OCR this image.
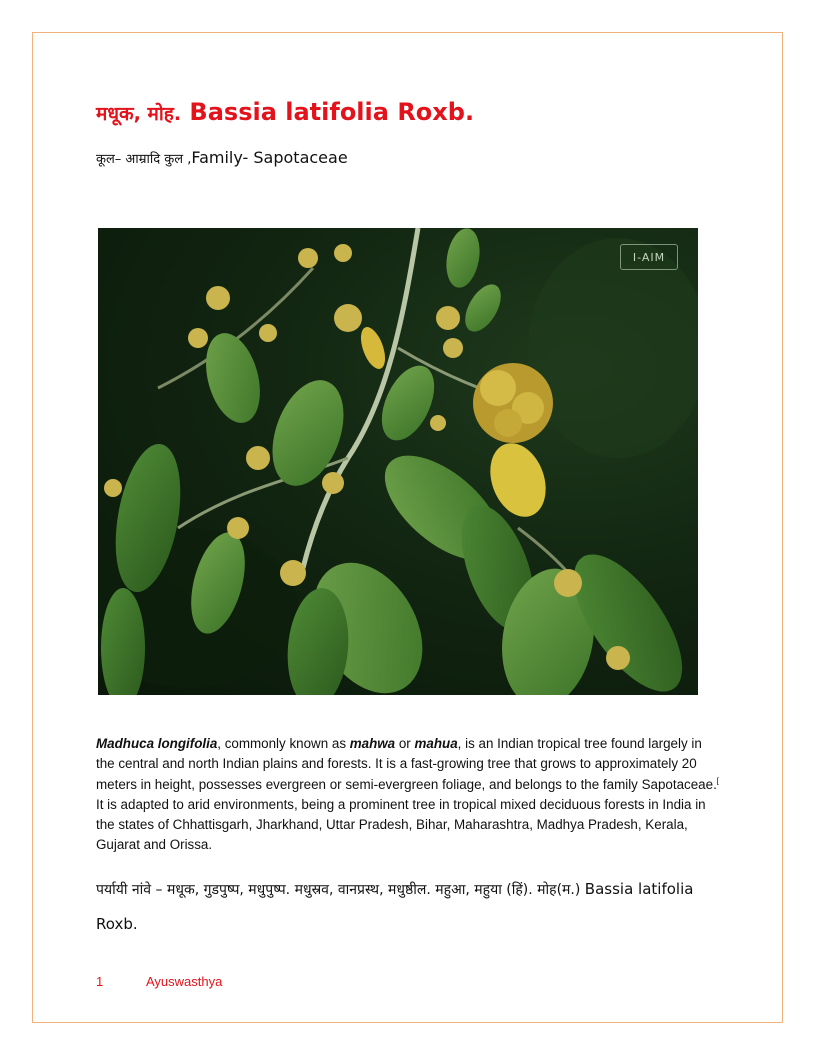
मधूक, मोह. Bassia latifolia Roxb.
कूल– आम्रादि कुल ,Family- Sapotaceae
I-AIM

Madhuca longifolia, commonly known as mahwa or mahua, is an Indian tropical tree found largely in the central and north Indian plains and forests. It is a fast-growing tree that grows to approximately 20 meters in height, possesses evergreen or semi-evergreen foliage, and belongs to the family Sapotaceae.[ It is adapted to arid environments, being a prominent tree in tropical mixed deciduous forests in India in the states of Chhattisgarh, Jharkhand, Uttar Pradesh, Bihar, Maharashtra, Madhya Pradesh, Kerala, Gujarat and Orissa.

पर्यायी नांवे – मधूक, गुडपुष्प, मधुपुष्प. मधुस्रव, वानप्रस्थ, मधुष्ठील. महुआ, महुया (हिं). मोह(म.) Bassia latifolia Roxb.

1	Ayuswasthya
